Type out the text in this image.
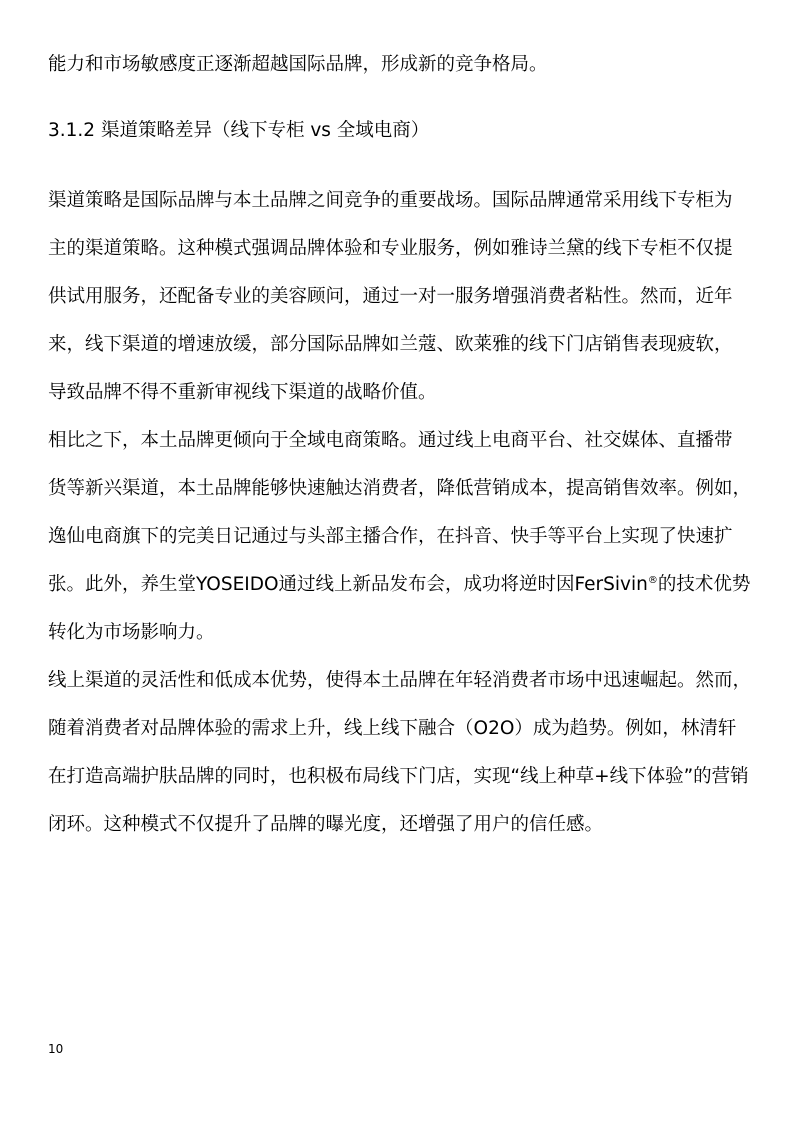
能力和市场敏感度正逐渐超越国际品牌，形成新的竞争格局。
3.1.2 渠道策略差异（线下专柜 vs 全域电商）
渠道策略是国际品牌与本土品牌之间竞争的重要战场。国际品牌通常采用线下专柜为
主的渠道策略。这种模式强调品牌体验和专业服务，例如雅诗兰黛的线下专柜不仅提
供试用服务，还配备专业的美容顾问，通过一对一服务增强消费者粘性。然而，近年
来，线下渠道的增速放缓，部分国际品牌如兰蔻、欧莱雅的线下门店销售表现疲软，
导致品牌不得不重新审视线下渠道的战略价值。
相比之下，本土品牌更倾向于全域电商策略。通过线上电商平台、社交媒体、直播带
货等新兴渠道，本土品牌能够快速触达消费者，降低营销成本，提高销售效率。例如，
逸仙电商旗下的完美日记通过与头部主播合作，在抖音、快手等平台上实现了快速扩
张。此外，养生堂YOSEIDO通过线上新品发布会，成功将逆时因FerSivin®的技术优势
转化为市场影响力。
线上渠道的灵活性和低成本优势，使得本土品牌在年轻消费者市场中迅速崛起。然而，
随着消费者对品牌体验的需求上升，线上线下融合（O2O）成为趋势。例如，林清轩
在打造高端护肤品牌的同时，也积极布局线下门店，实现“线上种草+线下体验”的营销
闭环。这种模式不仅提升了品牌的曝光度，还增强了用户的信任感。
10
